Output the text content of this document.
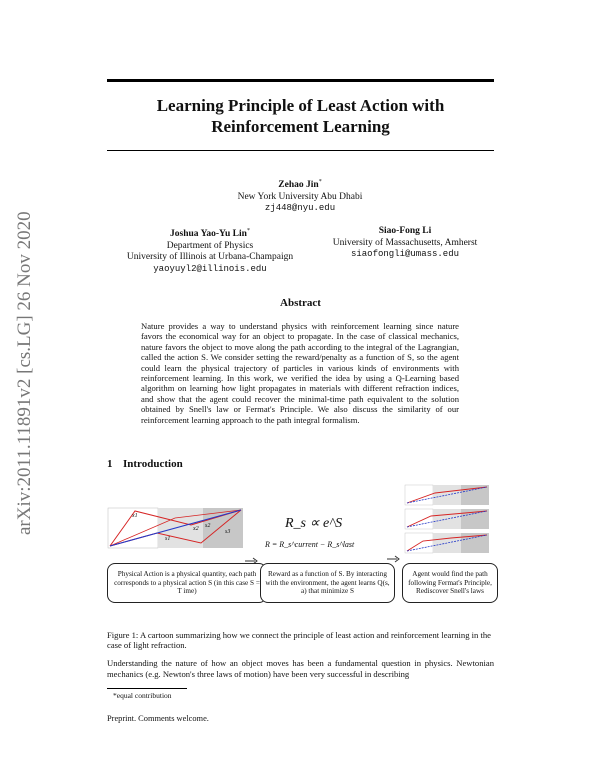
arXiv:2011.11891v2 [cs.LG] 26 Nov 2020
Learning Principle of Least Action with
Reinforcement Learning
Zehao Jin*
New York University Abu Dhabi
zj448@nyu.edu
Joshua Yao-Yu Lin*
Department of Physics
University of Illinois at Urbana-Champaign
yaoyuyl2@illinois.edu
Siao-Fong Li
University of Massachusetts, Amherst
siaofongli@umass.edu
Abstract
Nature provides a way to understand physics with reinforcement learning since nature favors the economical way for an object to propagate. In the case of classical mechanics, nature favors the object to move along the path according to the integral of the Lagrangian, called the action S. We consider setting the reward/penalty as a function of S, so the agent could learn the physical trajectory of particles in various kinds of environments with reinforcement learning. In this work, we verified the idea by using a Q-Learning based algorithm on learning how light propagates in materials with different refraction indices, and show that the agent could recover the minimal-time path equivalent to the solution obtained by Snell's law or Fermat's Principle. We also discuss the similarity of our reinforcement learning approach to the path integral formalism.
1 Introduction
x1
x2
s1
s2
s3
R_s ∝ e^S
R = R_s^current − R_s^last
Physical Action is a physical quantity, each path corresponds to a physical action S (in this case S = T ime)
Reward as a function of S. By interacting with the environment, the agent learns Q(s, a) that minimize S
Agent would find the path following Fermat's Principle, Rediscover Snell's laws
Figure 1: A cartoon summarizing how we connect the principle of least action and reinforcement learning in the case of light refraction.
Understanding the nature of how an object moves has been a fundamental question in physics. Newtonian mechanics (e.g. Newton's three laws of motion) have been very successful in describing
*equal contribution
Preprint. Comments welcome.
